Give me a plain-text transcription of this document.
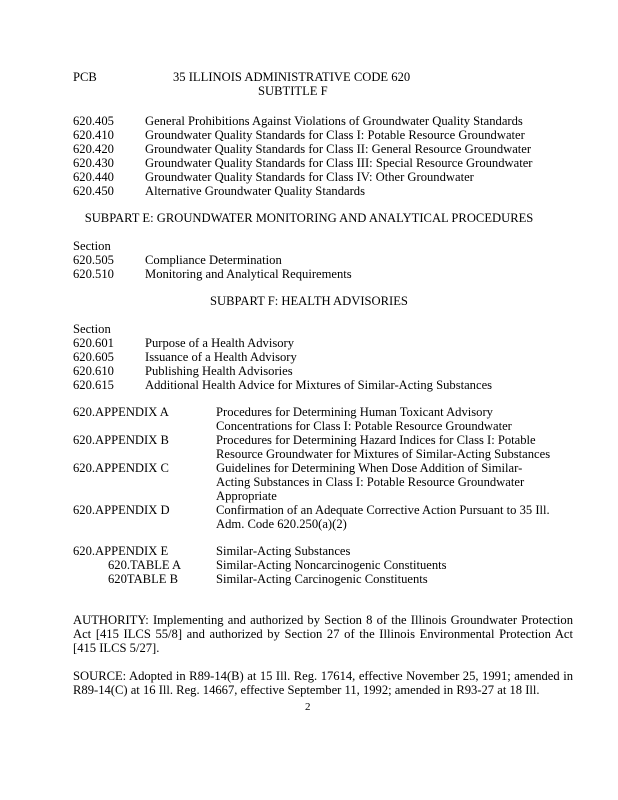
PCB	35 ILLINOIS ADMINISTRATIVE CODE 620
SUBTITLE F
620.405 General Prohibitions Against Violations of Groundwater Quality Standards
620.410 Groundwater Quality Standards for Class I: Potable Resource Groundwater
620.420 Groundwater Quality Standards for Class II: General Resource Groundwater
620.430 Groundwater Quality Standards for Class III: Special Resource Groundwater
620.440 Groundwater Quality Standards for Class IV: Other Groundwater
620.450 Alternative Groundwater Quality Standards
SUBPART E: GROUNDWATER MONITORING AND ANALYTICAL PROCEDURES
Section
620.505 Compliance Determination
620.510 Monitoring and Analytical Requirements
SUBPART F: HEALTH ADVISORIES
Section
620.601 Purpose of a Health Advisory
620.605 Issuance of a Health Advisory
620.610 Publishing Health Advisories
620.615 Additional Health Advice for Mixtures of Similar-Acting Substances
620.APPENDIX A	Procedures for Determining Human Toxicant Advisory
Concentrations for Class I: Potable Resource Groundwater
620.APPENDIX B	Procedures for Determining Hazard Indices for Class I: Potable
Resource Groundwater for Mixtures of Similar-Acting Substances
620.APPENDIX C	Guidelines for Determining When Dose Addition of Similar-
Acting Substances in Class I: Potable Resource Groundwater
Appropriate
620.APPENDIX D	Confirmation of an Adequate Corrective Action Pursuant to 35 Ill.
Adm. Code 620.250(a)(2)
620.APPENDIX E	Similar-Acting Substances
620.TABLE A	Similar-Acting Noncarcinogenic Constituents
620TABLE B	Similar-Acting Carcinogenic Constituents
AUTHORITY: Implementing and authorized by Section 8 of the Illinois Groundwater Protection Act [415 ILCS 55/8] and authorized by Section 27 of the Illinois Environmental Protection Act [415 ILCS 5/27].
SOURCE: Adopted in R89-14(B) at 15 Ill. Reg. 17614, effective November 25, 1991; amended in R89-14(C) at 16 Ill. Reg. 14667, effective September 11, 1992; amended in R93-27 at 18 Ill.
2
